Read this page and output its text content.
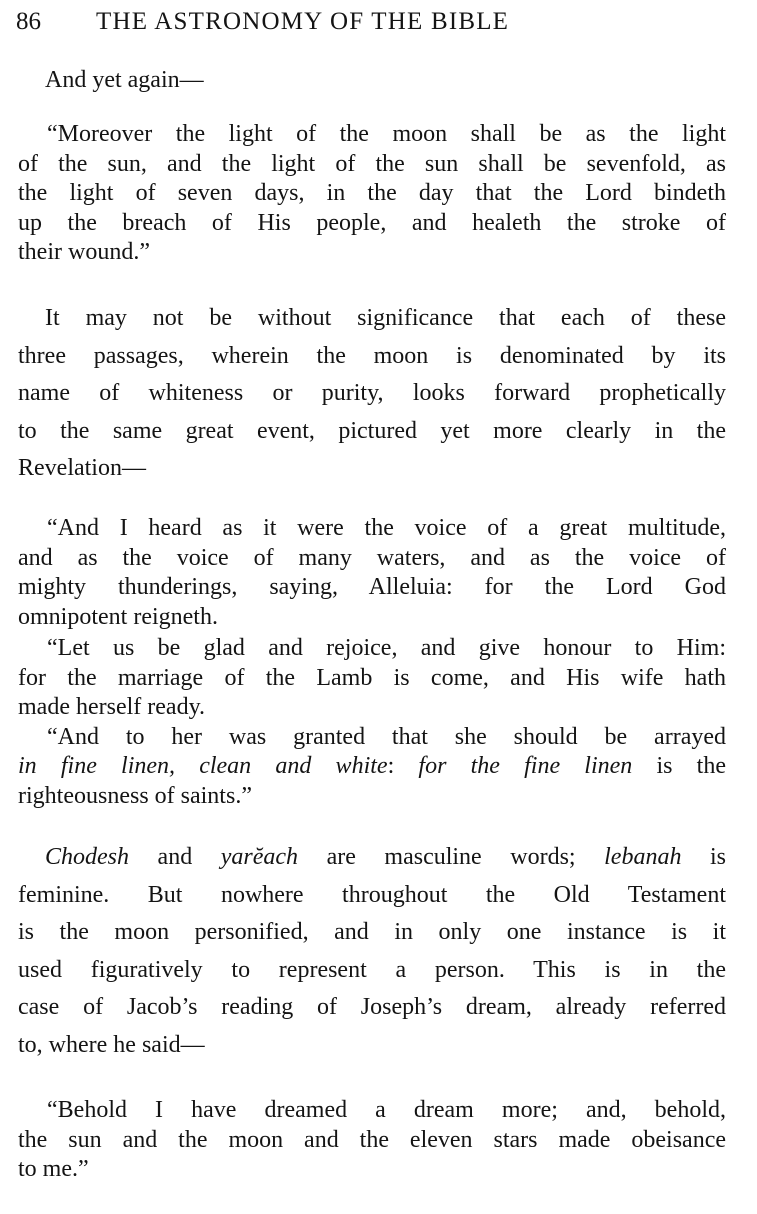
86 THE ASTRONOMY OF THE BIBLE
And yet again—
“Moreover the light of the moon shall be as the light
of the sun, and the light of the sun shall be sevenfold, as
the light of seven days, in the day that the Lord bindeth
up the breach of His people, and healeth the stroke of
their wound.”
It may not be without significance that each of these
three passages, wherein the moon is denominated by its
name of whiteness or purity, looks forward prophetically
to the same great event, pictured yet more clearly in the
Revelation—
“And I heard as it were the voice of a great multitude,
and as the voice of many waters, and as the voice of
mighty thunderings, saying, Alleluia: for the Lord God
omnipotent reigneth.
“Let us be glad and rejoice, and give honour to Him:
for the marriage of the Lamb is come, and His wife hath
made herself ready.
“And to her was granted that she should be arrayed
in fine linen, clean and white: for the fine linen is the
righteousness of saints.”
Chodesh and yarĕach are masculine words; lebanah is
feminine. But nowhere throughout the Old Testament
is the moon personified, and in only one instance is it
used figuratively to represent a person. This is in the
case of Jacob’s reading of Joseph’s dream, already referred
to, where he said—
“Behold I have dreamed a dream more; and, behold,
the sun and the moon and the eleven stars made obeisance
to me.”
